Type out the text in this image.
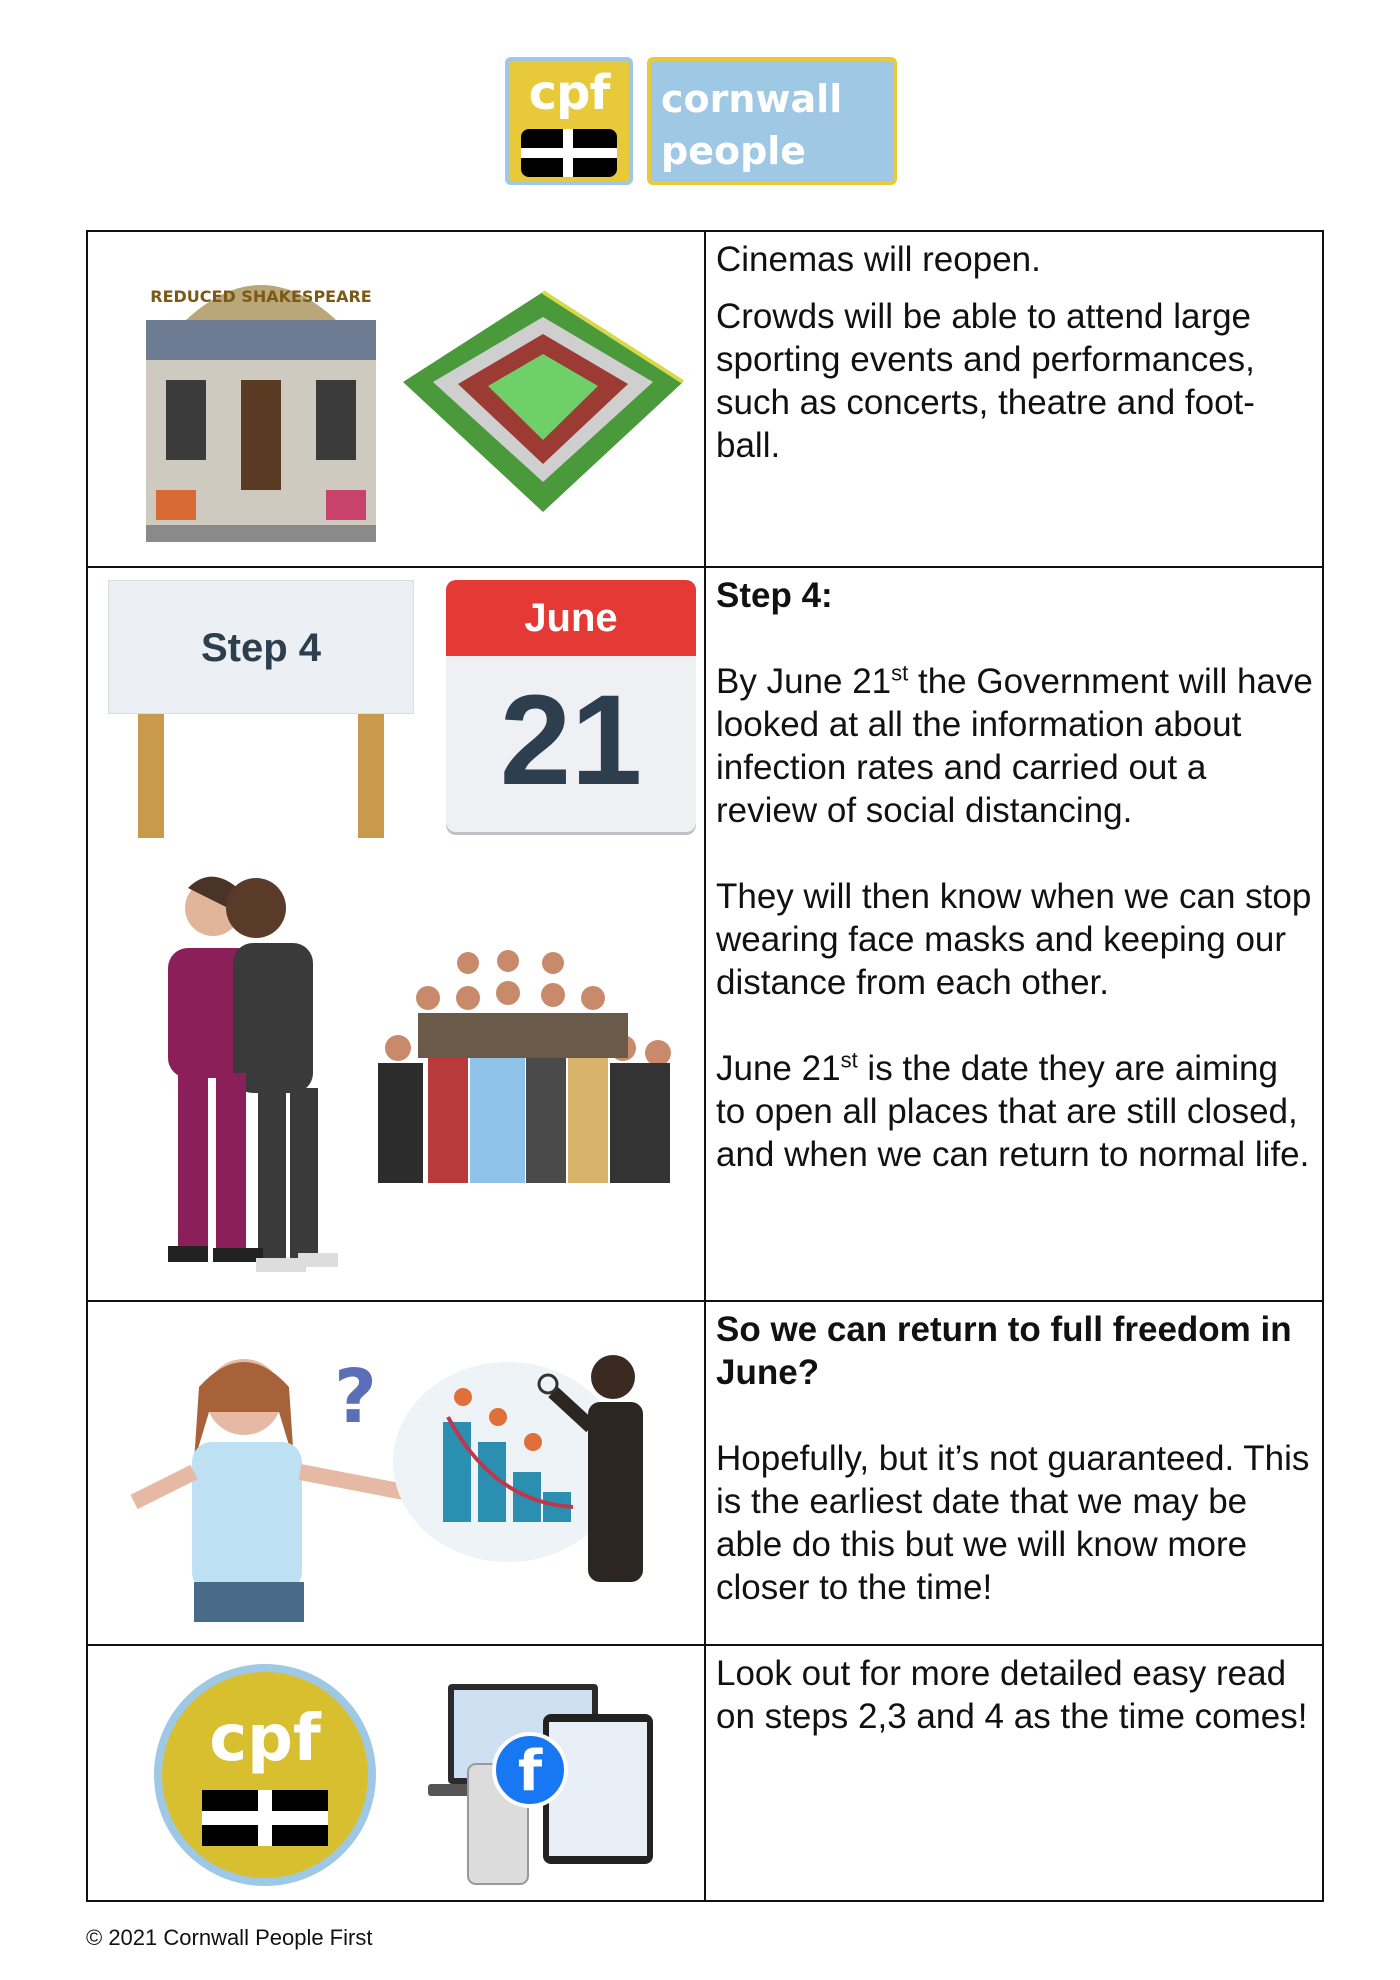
cpf	cornwall
people first
REDUCED SHAKESPEARE

Cinemas will reopen.

Crowds will be able to attend large sporting events and performances, such as concerts, theatre and foot-ball.

Step 4
June
21

Step 4:

By June 21st the Government will have looked at all the information about infection rates and carried out a review of social distancing.

They will then know when we can stop wearing face masks and keeping our distance from each other.

June 21st is the date they are aiming to open all places that are still closed, and when we can return to normal life.

?

So we can return to full freedom in June?

Hopefully, but it’s not guaranteed. This is the earliest date that we may be able do this but we will know more closer to the time!

cpf	f

Look out for more detailed easy read on steps 2,3 and 4 as the time comes!

© 2021 Cornwall People First
